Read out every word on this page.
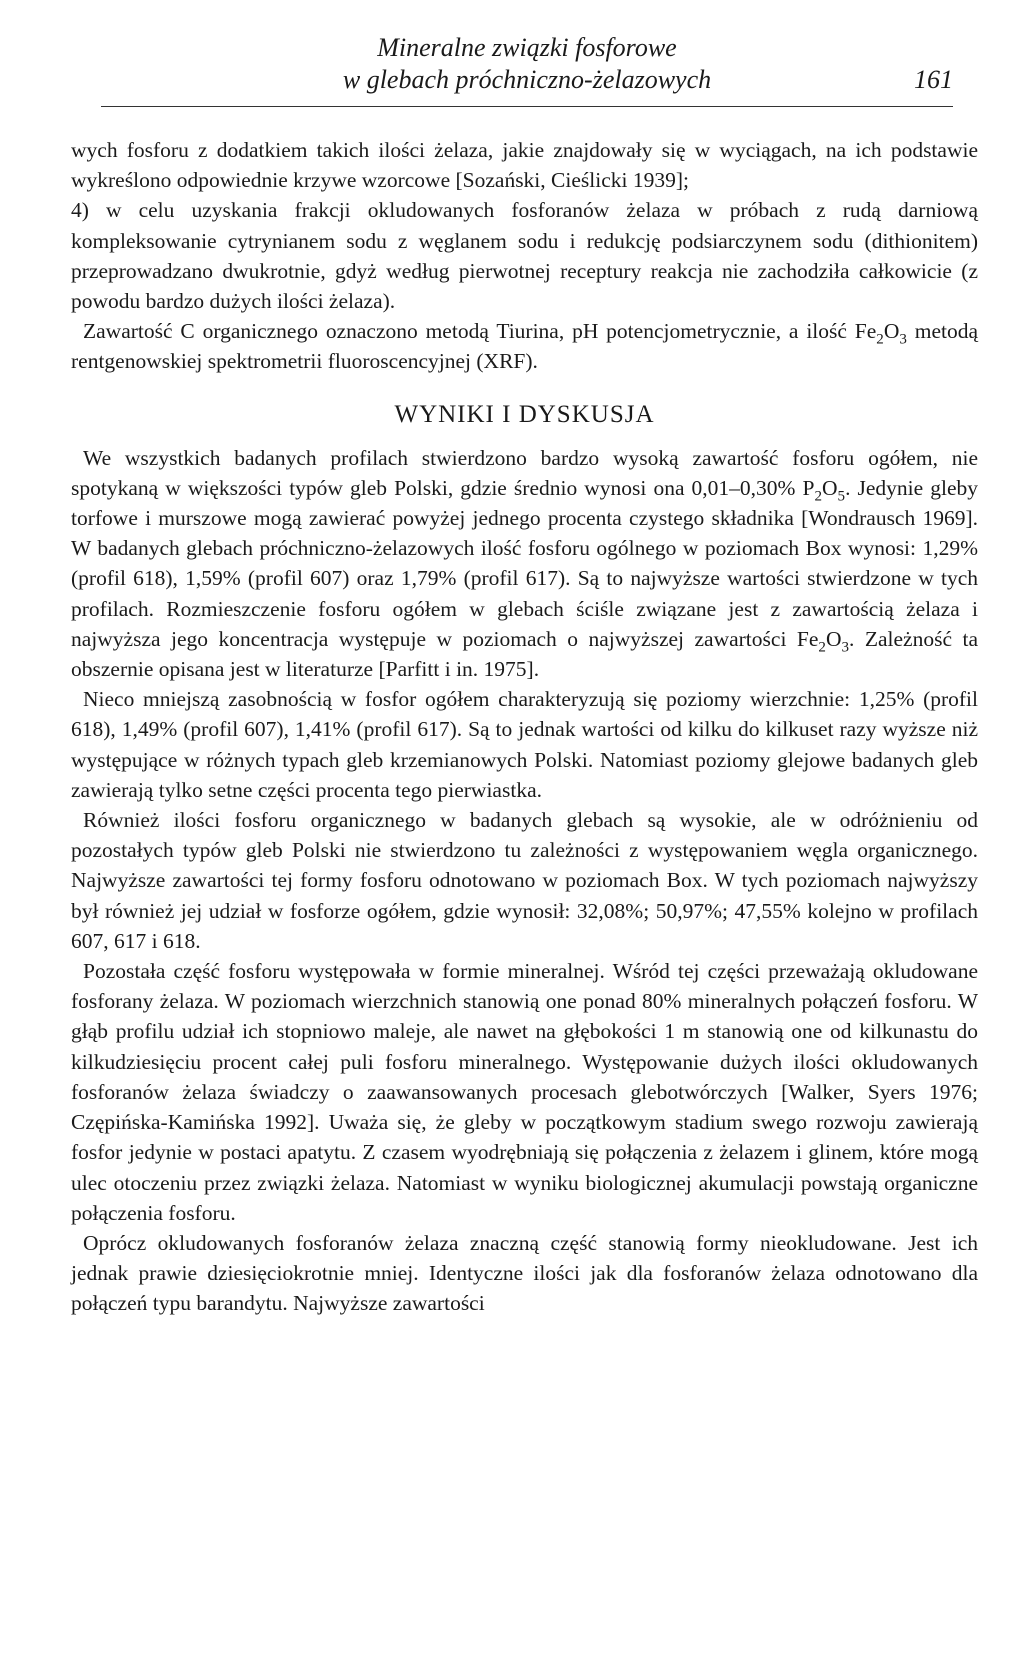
Mineralne związki fosforowe
w glebach próchniczno-żelazowych	161

wych fosforu z dodatkiem takich ilości żelaza, jakie znajdowały się w wyciągach, na ich podstawie wykreślono odpowiednie krzywe wzorcowe [Sozański, Cieślicki 1939];

4) w celu uzyskania frakcji okludowanych fosforanów żelaza w próbach z rudą darniową kompleksowanie cytrynianem sodu z węglanem sodu i redukcję podsiarczynem sodu (dithionitem) przeprowadzano dwukrotnie, gdyż według pierwotnej receptury reakcja nie zachodziła całkowicie (z powodu bardzo dużych ilości żelaza).

Zawartość C organicznego oznaczono metodą Tiurina, pH potencjometrycznie, a ilość $Fe_2O_3$ metodą rentgenowskiej spektrometrii fluoroscencyjnej (XRF).

WYNIKI I DYSKUSJA

We wszystkich badanych profilach stwierdzono bardzo wysoką zawartość fosforu ogółem, nie spotykaną w większości typów gleb Polski, gdzie średnio wynosi ona 0,01–0,30% $P_2O_5$. Jedynie gleby torfowe i murszowe mogą zawierać powyżej jednego procenta czystego składnika [Wondrausch 1969]. W badanych glebach próchniczno-żelazowych ilość fosforu ogólnego w poziomach Box wynosi: 1,29% (profil 618), 1,59% (profil 607) oraz 1,79% (profil 617). Są to najwyższe wartości stwierdzone w tych profilach. Rozmieszczenie fosforu ogółem w glebach ściśle związane jest z zawartością żelaza i najwyższa jego koncentracja występuje w poziomach o najwyższej zawartości $Fe_2O_3$. Zależność ta obszernie opisana jest w literaturze [Parfitt i in. 1975].

Nieco mniejszą zasobnością w fosfor ogółem charakteryzują się poziomy wierzchnie: 1,25% (profil 618), 1,49% (profil 607), 1,41% (profil 617). Są to jednak wartości od kilku do kilkuset razy wyższe niż występujące w różnych typach gleb krzemianowych Polski. Natomiast poziomy glejowe badanych gleb zawierają tylko setne części procenta tego pierwiastka.

Również ilości fosforu organicznego w badanych glebach są wysokie, ale w odróżnieniu od pozostałych typów gleb Polski nie stwierdzono tu zależności z występowaniem węgla organicznego. Najwyższe zawartości tej formy fosforu odnotowano w poziomach Box. W tych poziomach najwyższy był również jej udział w fosforze ogółem, gdzie wynosił: 32,08%; 50,97%; 47,55% kolejno w profilach 607, 617 i 618.

Pozostała część fosforu występowała w formie mineralnej. Wśród tej części przeważają okludowane fosforany żelaza. W poziomach wierzchnich stanowią one ponad 80% mineralnych połączeń fosforu. W głąb profilu udział ich stopniowo maleje, ale nawet na głębokości 1 m stanowią one od kilkunastu do kilkudziesięciu procent całej puli fosforu mineralnego. Występowanie dużych ilości okludowanych fosforanów żelaza świadczy o zaawansowanych procesach glebotwórczych [Walker, Syers 1976; Czępińska-Kamińska 1992]. Uważa się, że gleby w początkowym stadium swego rozwoju zawierają fosfor jedynie w postaci apatytu. Z czasem wyodrębniają się połączenia z żelazem i glinem, które mogą ulec otoczeniu przez związki żelaza. Natomiast w wyniku biologicznej akumulacji powstają organiczne połączenia fosforu.

Oprócz okludowanych fosforanów żelaza znaczną część stanowią formy nieokludowane. Jest ich jednak prawie dziesięciokrotnie mniej. Identyczne ilości jak dla fosforanów żelaza odnotowano dla połączeń typu barandytu. Najwyższe zawartości
